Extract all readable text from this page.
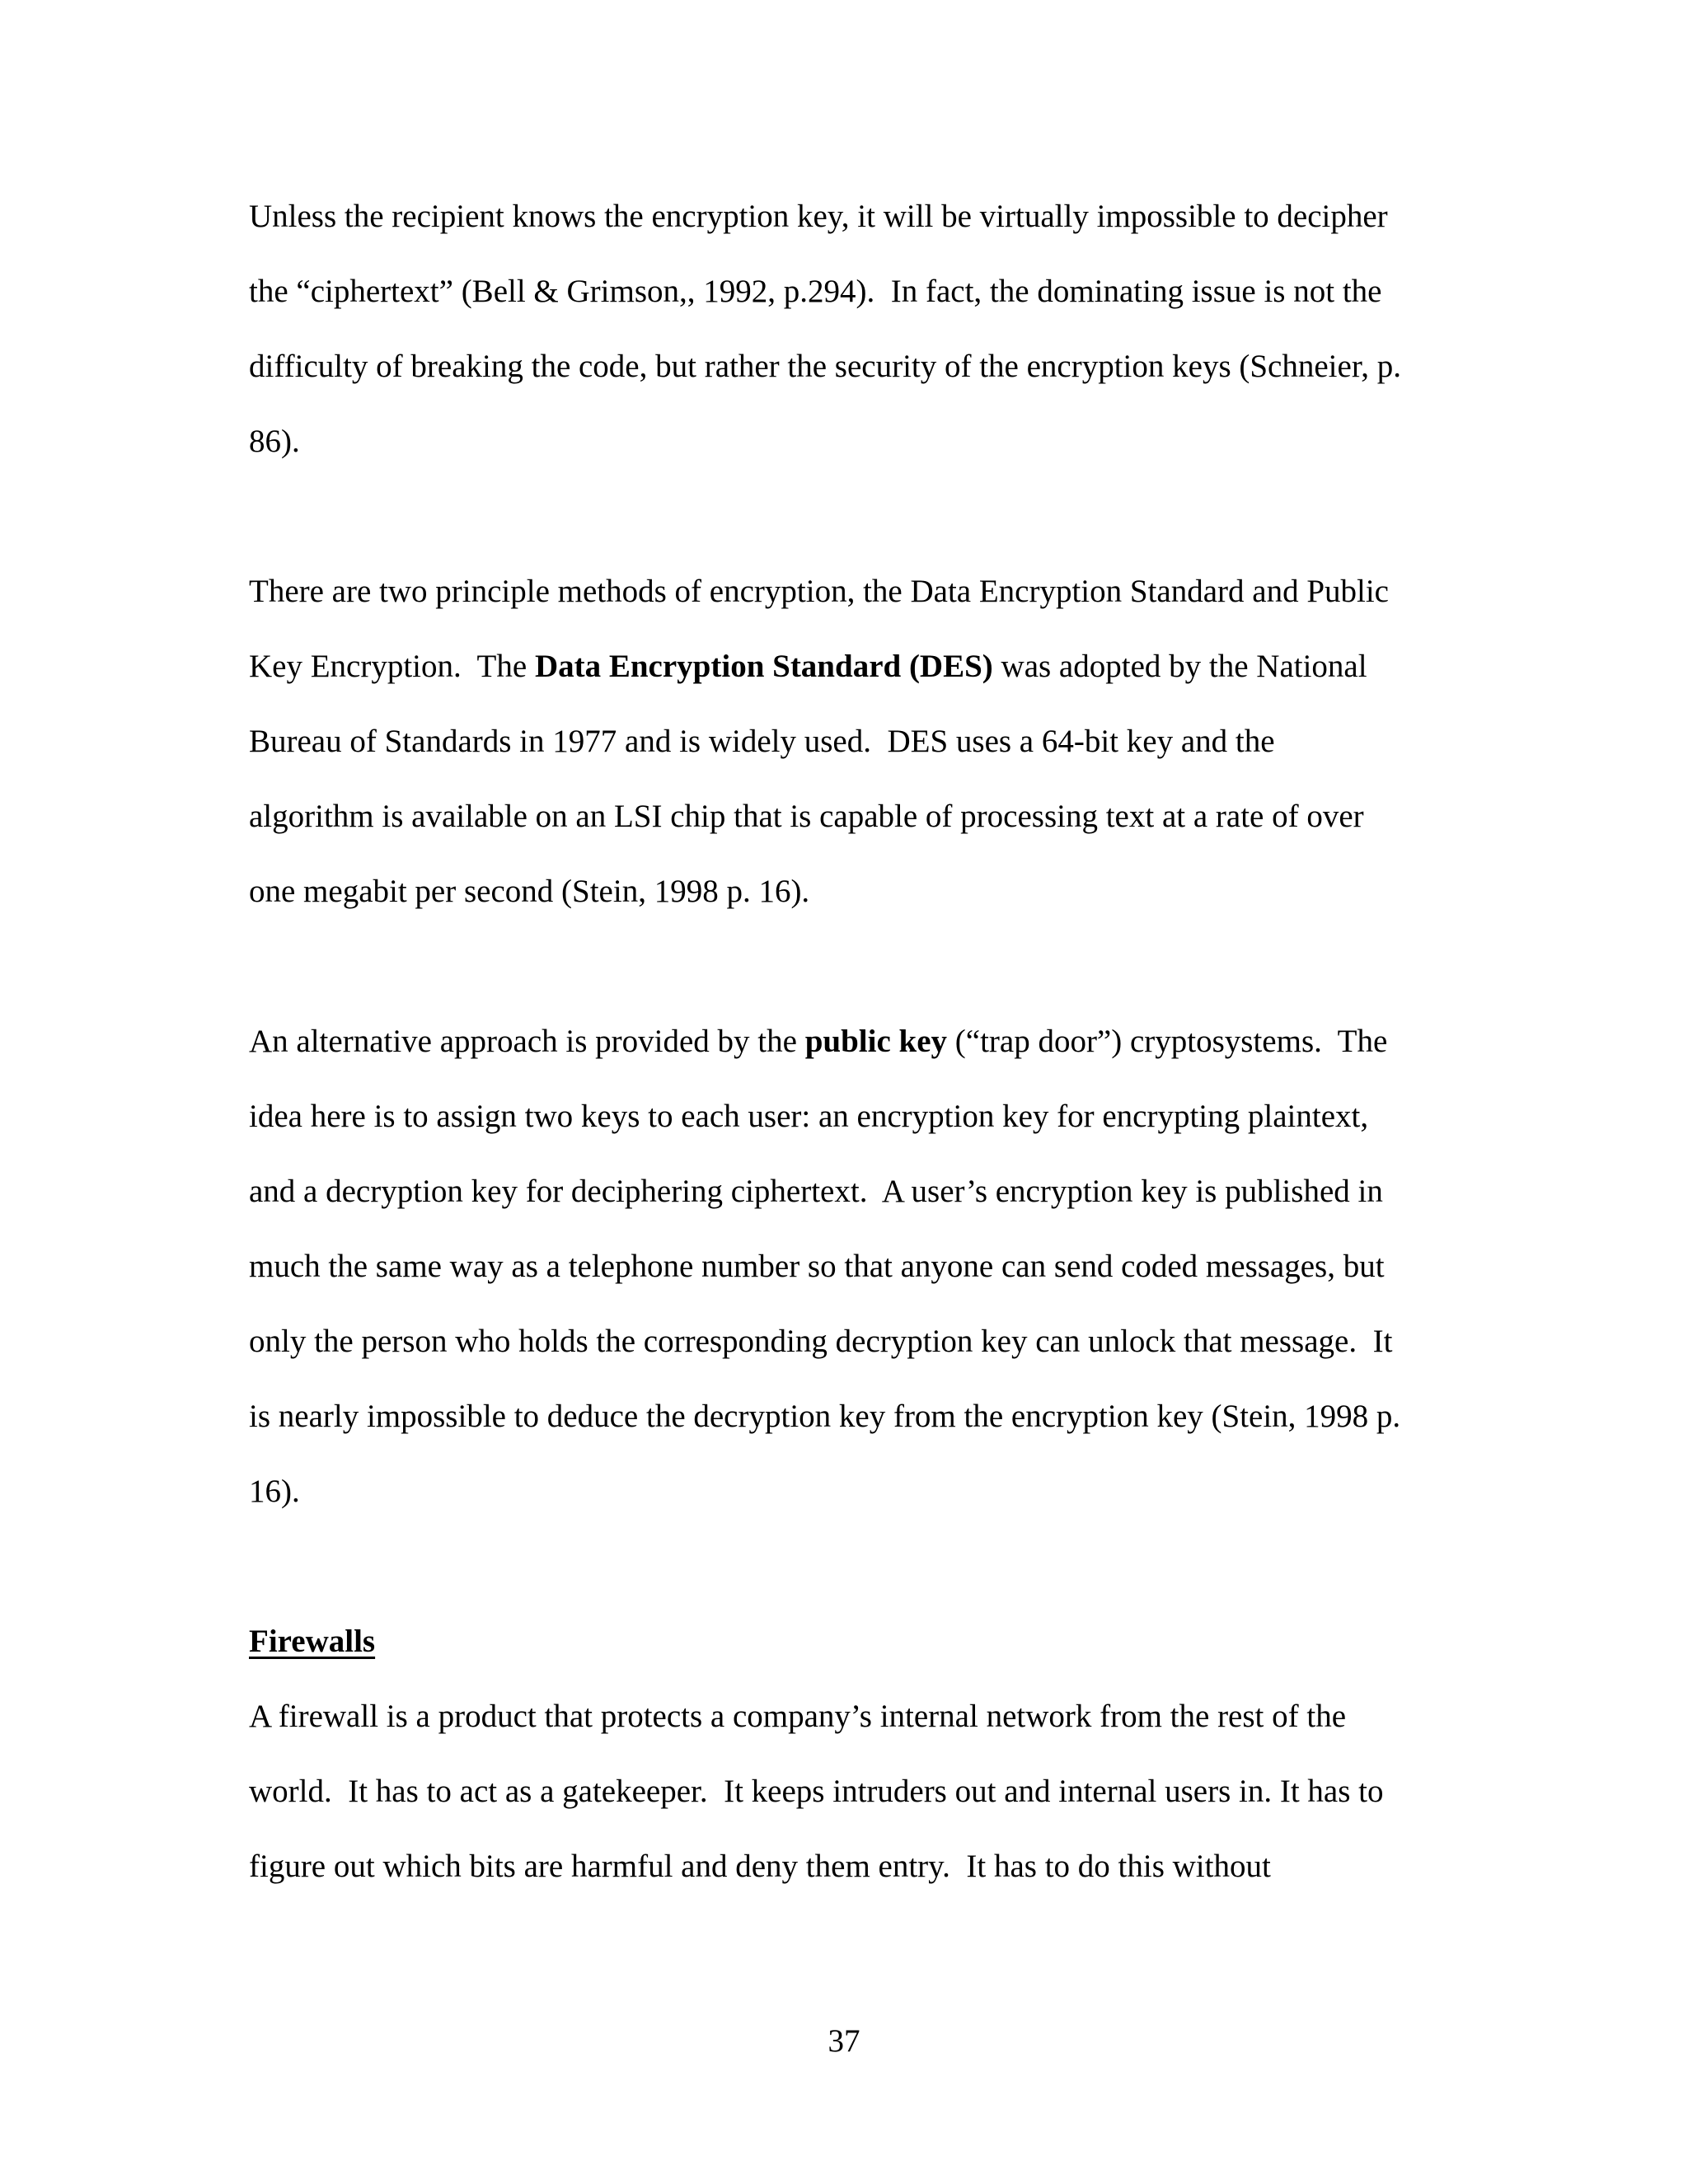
Unless the recipient knows the encryption key, it will be virtually impossible to decipher

the “ciphertext” (Bell & Grimson,, 1992, p.294).  In fact, the dominating issue is not the

difficulty of breaking the code, but rather the security of the encryption keys (Schneier, p.

86).

There are two principle methods of encryption, the Data Encryption Standard and Public

Key Encryption.  The Data Encryption Standard (DES) was adopted by the National

Bureau of Standards in 1977 and is widely used.  DES uses a 64-bit key and the

algorithm is available on an LSI chip that is capable of processing text at a rate of over

one megabit per second (Stein, 1998 p. 16).

An alternative approach is provided by the public key (“trap door”) cryptosystems.  The

idea here is to assign two keys to each user: an encryption key for encrypting plaintext,

and a decryption key for deciphering ciphertext.  A user’s encryption key is published in

much the same way as a telephone number so that anyone can send coded messages, but

only the person who holds the corresponding decryption key can unlock that message.  It

is nearly impossible to deduce the decryption key from the encryption key (Stein, 1998 p.

16).

Firewalls

A firewall is a product that protects a company’s internal network from the rest of the

world.  It has to act as a gatekeeper.  It keeps intruders out and internal users in. It has to

figure out which bits are harmful and deny them entry.  It has to do this without

37
